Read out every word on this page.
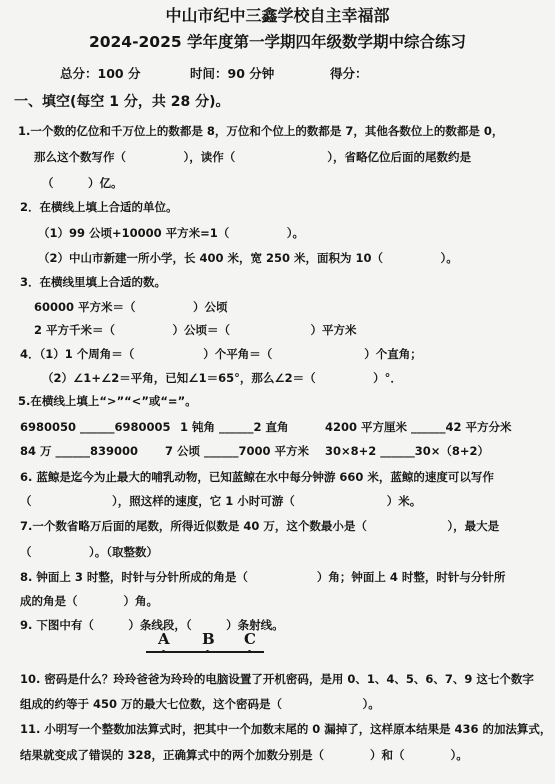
中山市纪中三鑫学校自主幸福部
2024-2025 学年度第一学期四年级数学期中综合练习
总分：100 分	时间：90 分钟	得分：
一、填空(每空 1 分，共 28 分)。
1.一个数的亿位和千万位上的数都是 8，万位和个位上的数都是 7，其他各数位上的数都是 0，
那么这个数写作（　　　　　），读作（　　　　　　　　），省略亿位后面的尾数约是
（　　　）亿。
2．在横线上填上合适的单位。
（1）99 公顷+10000 平方米=1（　　　　　）。
（2）中山市新建一所小学，长 400 米，宽 250 米，面积为 10（　　　　　）。
3．在横线里填上合适的数。
60000 平方米＝（　　　　　）公顷
2 平方千米＝（　　　　　）公顷＝（　　　　　　　）平方米
4．（1）1 个周角＝（　　　　　　）个平角＝（　　　　　　　　）个直角；
（2）∠1+∠2＝平角，已知∠1＝65°，那么∠2＝（　　　　　）°．
5.在横线上填上“>”“<”或“=”。
6980050 ______6980005 1 钝角 ______2 直角	4200 平方厘米 ______42 平方分米
84 万 ______839000 7 公顷 ______7000 平方米 30×8+2 ______30×（8+2）
6. 蓝鲸是迄今为止最大的哺乳动物，已知蓝鲸在水中每分钟游 660 米，蓝鲸的速度可以写作
（　　　　　　　），照这样的速度，它 1 小时可游（　　　　　　　　）米。
7.一个数省略万后面的尾数，所得近似数是 40 万，这个数最小是（　　　　　　　），最大是
（　　　　　）。（取整数）
8. 钟面上 3 时整，时针与分针所成的角是（　　　　　　）角；钟面上 4 时整，时针与分针所
成的角是（　　　　）角。
9. 下图中有（　　　）条线段，（　　　）条射线。
A B C
10. 密码是什么？玲玲爸爸为玲玲的电脑设置了开机密码，是用 0、1、4、5、6、7、9 这七个数字
组成的约等于 450 万的最大七位数，这个密码是（　　　　　　　）。
11. 小明写一个整数加法算式时，把其中一个加数末尾的 0 漏掉了，这样原本结果是 436 的加法算式，
结果就变成了错误的 328，正确算式中的两个加数分别是（　　　　）和（　　　　）。
